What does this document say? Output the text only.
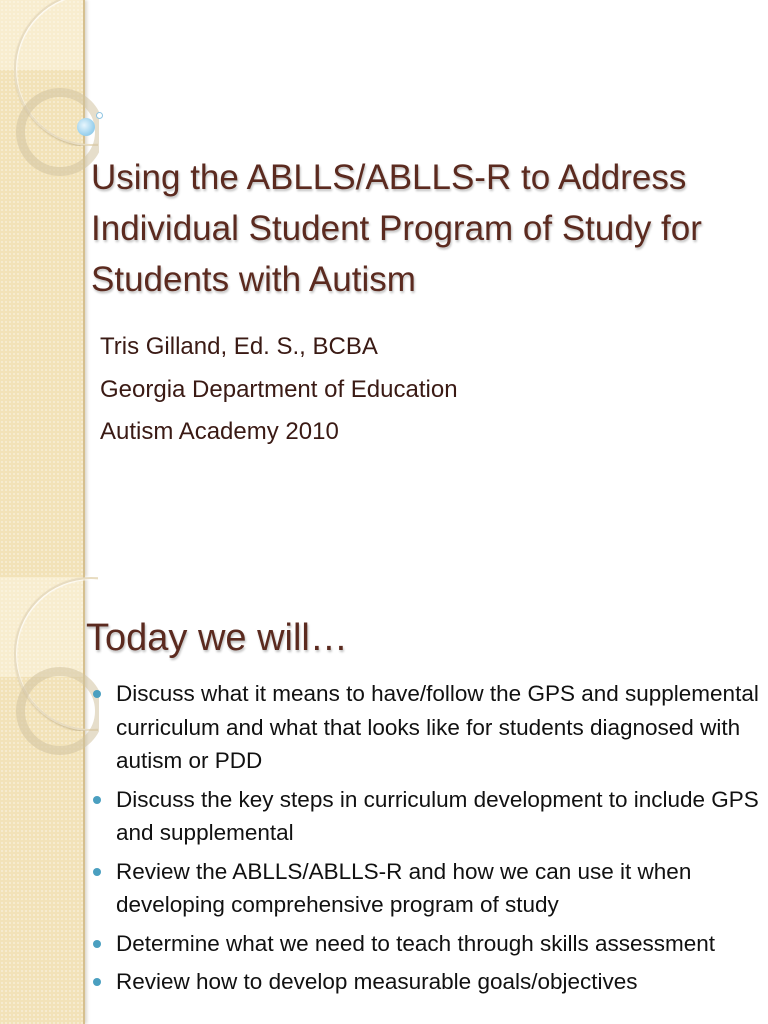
Using the ABLLS/ABLLS-R to Address Individual Student Program of Study for Students with Autism
Tris Gilland, Ed. S., BCBA
Georgia Department of Education
Autism Academy 2010
Today we will…
Discuss what it means to have/follow the GPS and supplemental curriculum and what that looks like for students diagnosed with autism or PDD
Discuss the key steps in curriculum development to include GPS and supplemental
Review the ABLLS/ABLLS-R and how we can use it when developing comprehensive program of study
Determine what we need to teach through skills assessment
Review how to develop measurable goals/objectives
